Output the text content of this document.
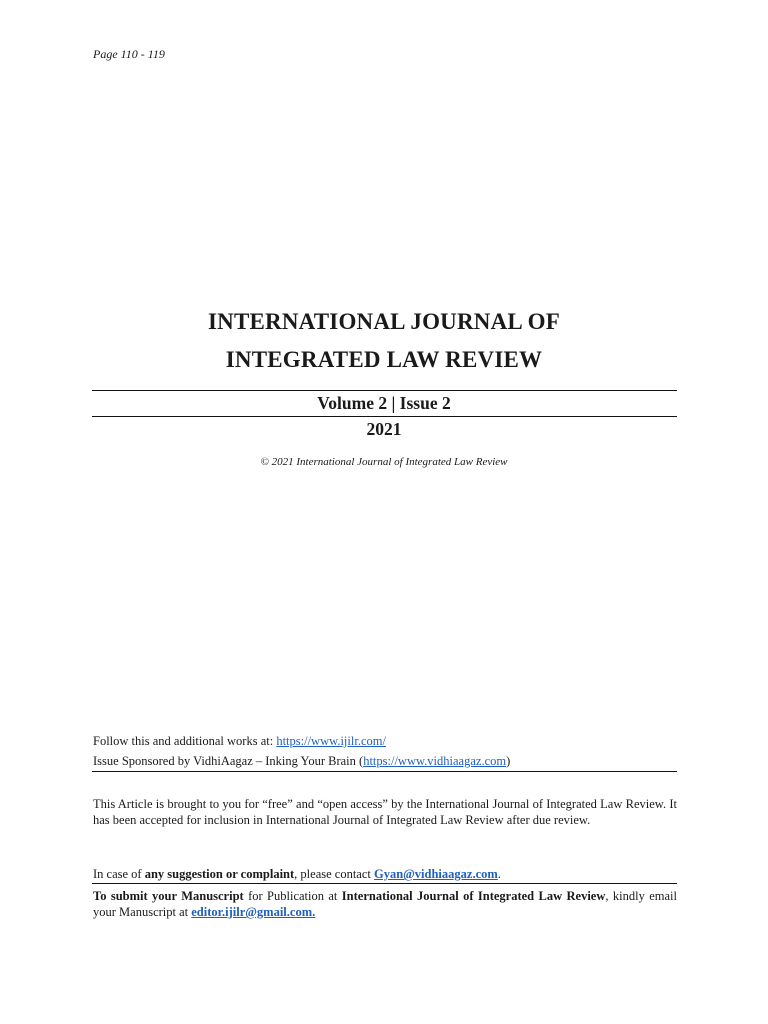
Page 110 - 119
INTERNATIONAL JOURNAL OF
INTEGRATED LAW REVIEW
Volume 2 | Issue 2
2021
© 2021 International Journal of Integrated Law Review
Follow this and additional works at: https://www.ijilr.com/
Issue Sponsored by VidhiAagaz – Inking Your Brain (https://www.vidhiaagaz.com)
This Article is brought to you for “free” and “open access” by the International Journal of Integrated Law Review. It has been accepted for inclusion in International Journal of Integrated Law Review after due review.
In case of any suggestion or complaint, please contact Gyan@vidhiaagaz.com.
To submit your Manuscript for Publication at International Journal of Integrated Law Review, kindly email your Manuscript at editor.ijilr@gmail.com.
